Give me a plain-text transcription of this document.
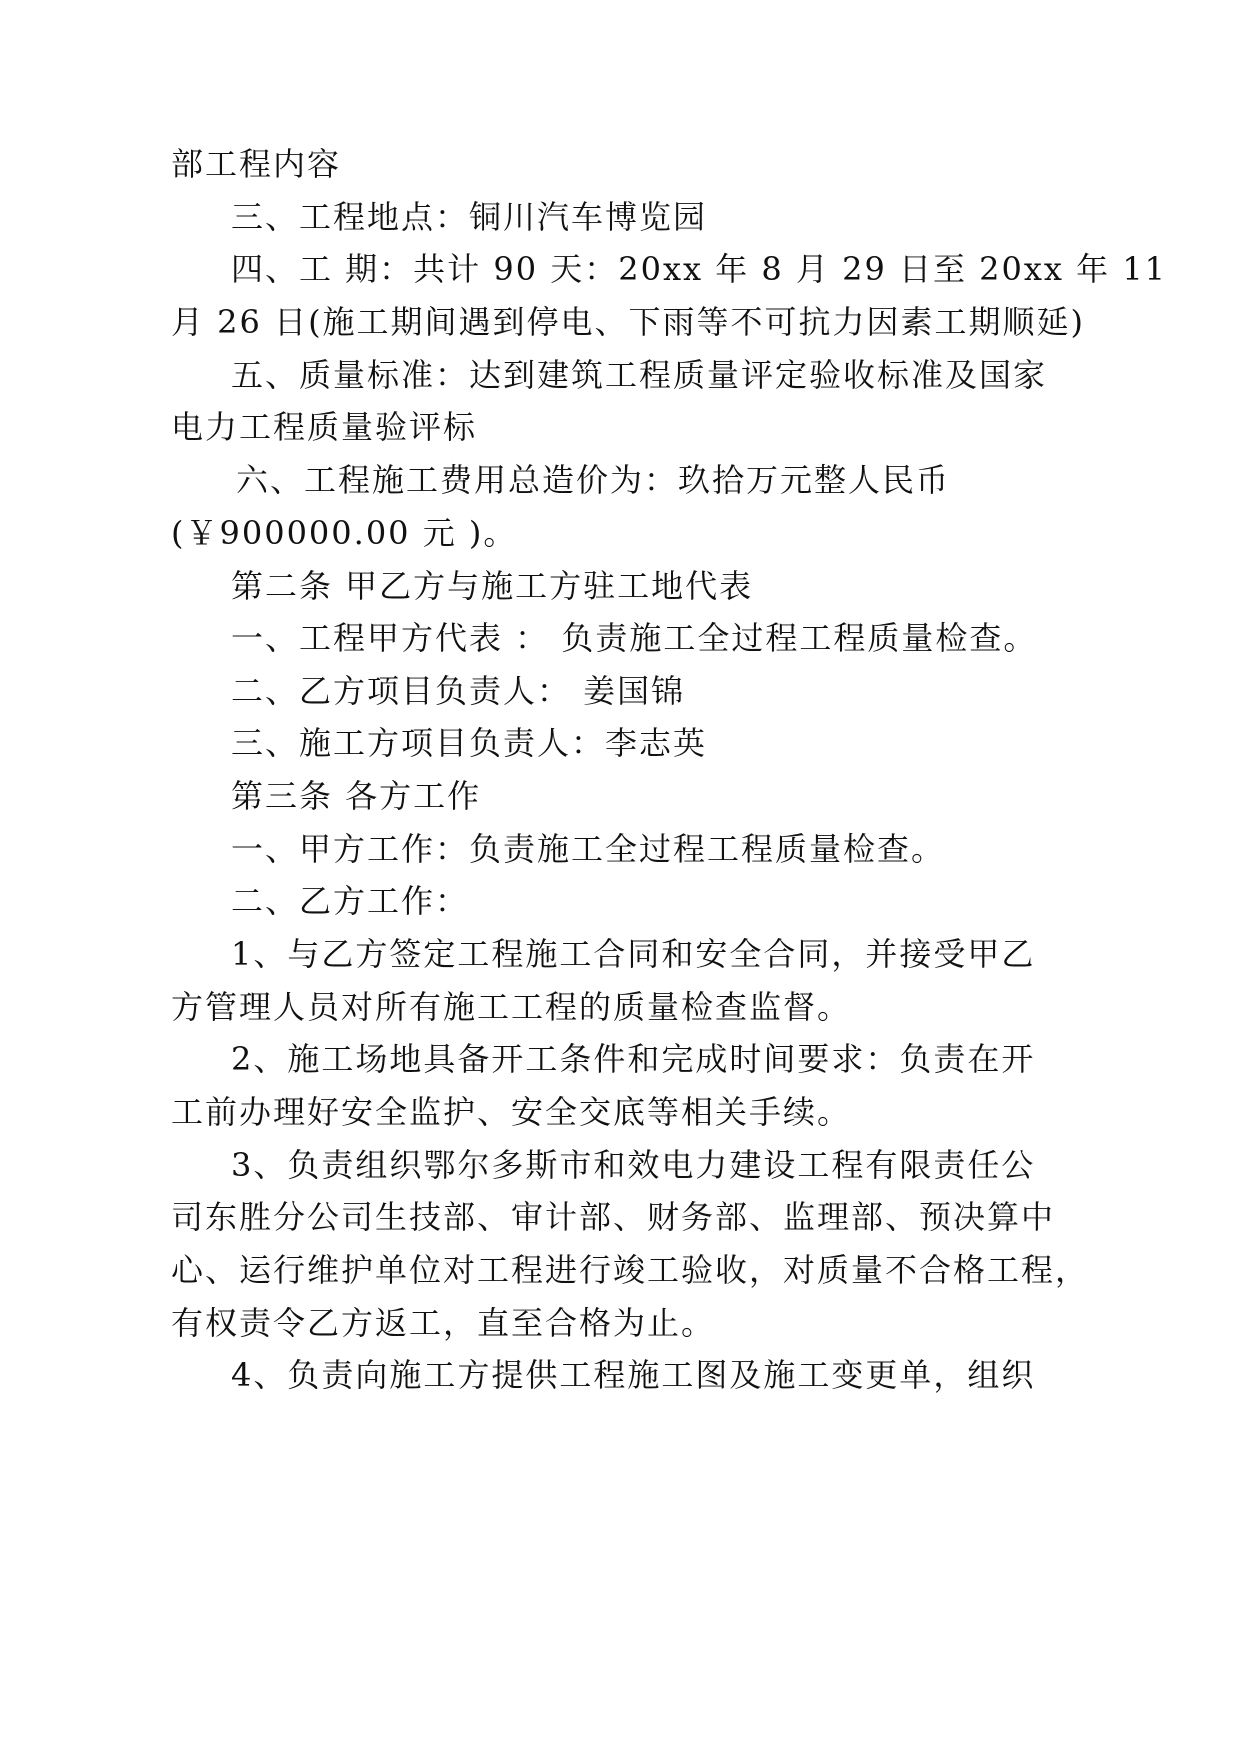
部工程内容
三、工程地点：铜川汽车博览园
四、工 期：共计 90 天：20xx 年 8 月 29 日至 20xx 年 11
月 26 日(施工期间遇到停电、下雨等不可抗力因素工期顺延)
五、质量标准：达到建筑工程质量评定验收标准及国家
电力工程质量验评标
六、工程施工费用总造价为：玖拾万元整人民币
(￥900000.00 元 )。
第二条 甲乙方与施工方驻工地代表
一、工程甲方代表 ： 负责施工全过程工程质量检查。
二、乙方项目负责人： 姜国锦
三、施工方项目负责人：李志英
第三条 各方工作
一、甲方工作：负责施工全过程工程质量检查。
二、乙方工作：
1、与乙方签定工程施工合同和安全合同，并接受甲乙
方管理人员对所有施工工程的质量检查监督。
2、施工场地具备开工条件和完成时间要求：负责在开
工前办理好安全监护、安全交底等相关手续。
3、负责组织鄂尔多斯市和效电力建设工程有限责任公
司东胜分公司生技部、审计部、财务部、监理部、预决算中
心、运行维护单位对工程进行竣工验收，对质量不合格工程，
有权责令乙方返工，直至合格为止。
4、负责向施工方提供工程施工图及施工变更单，组织
